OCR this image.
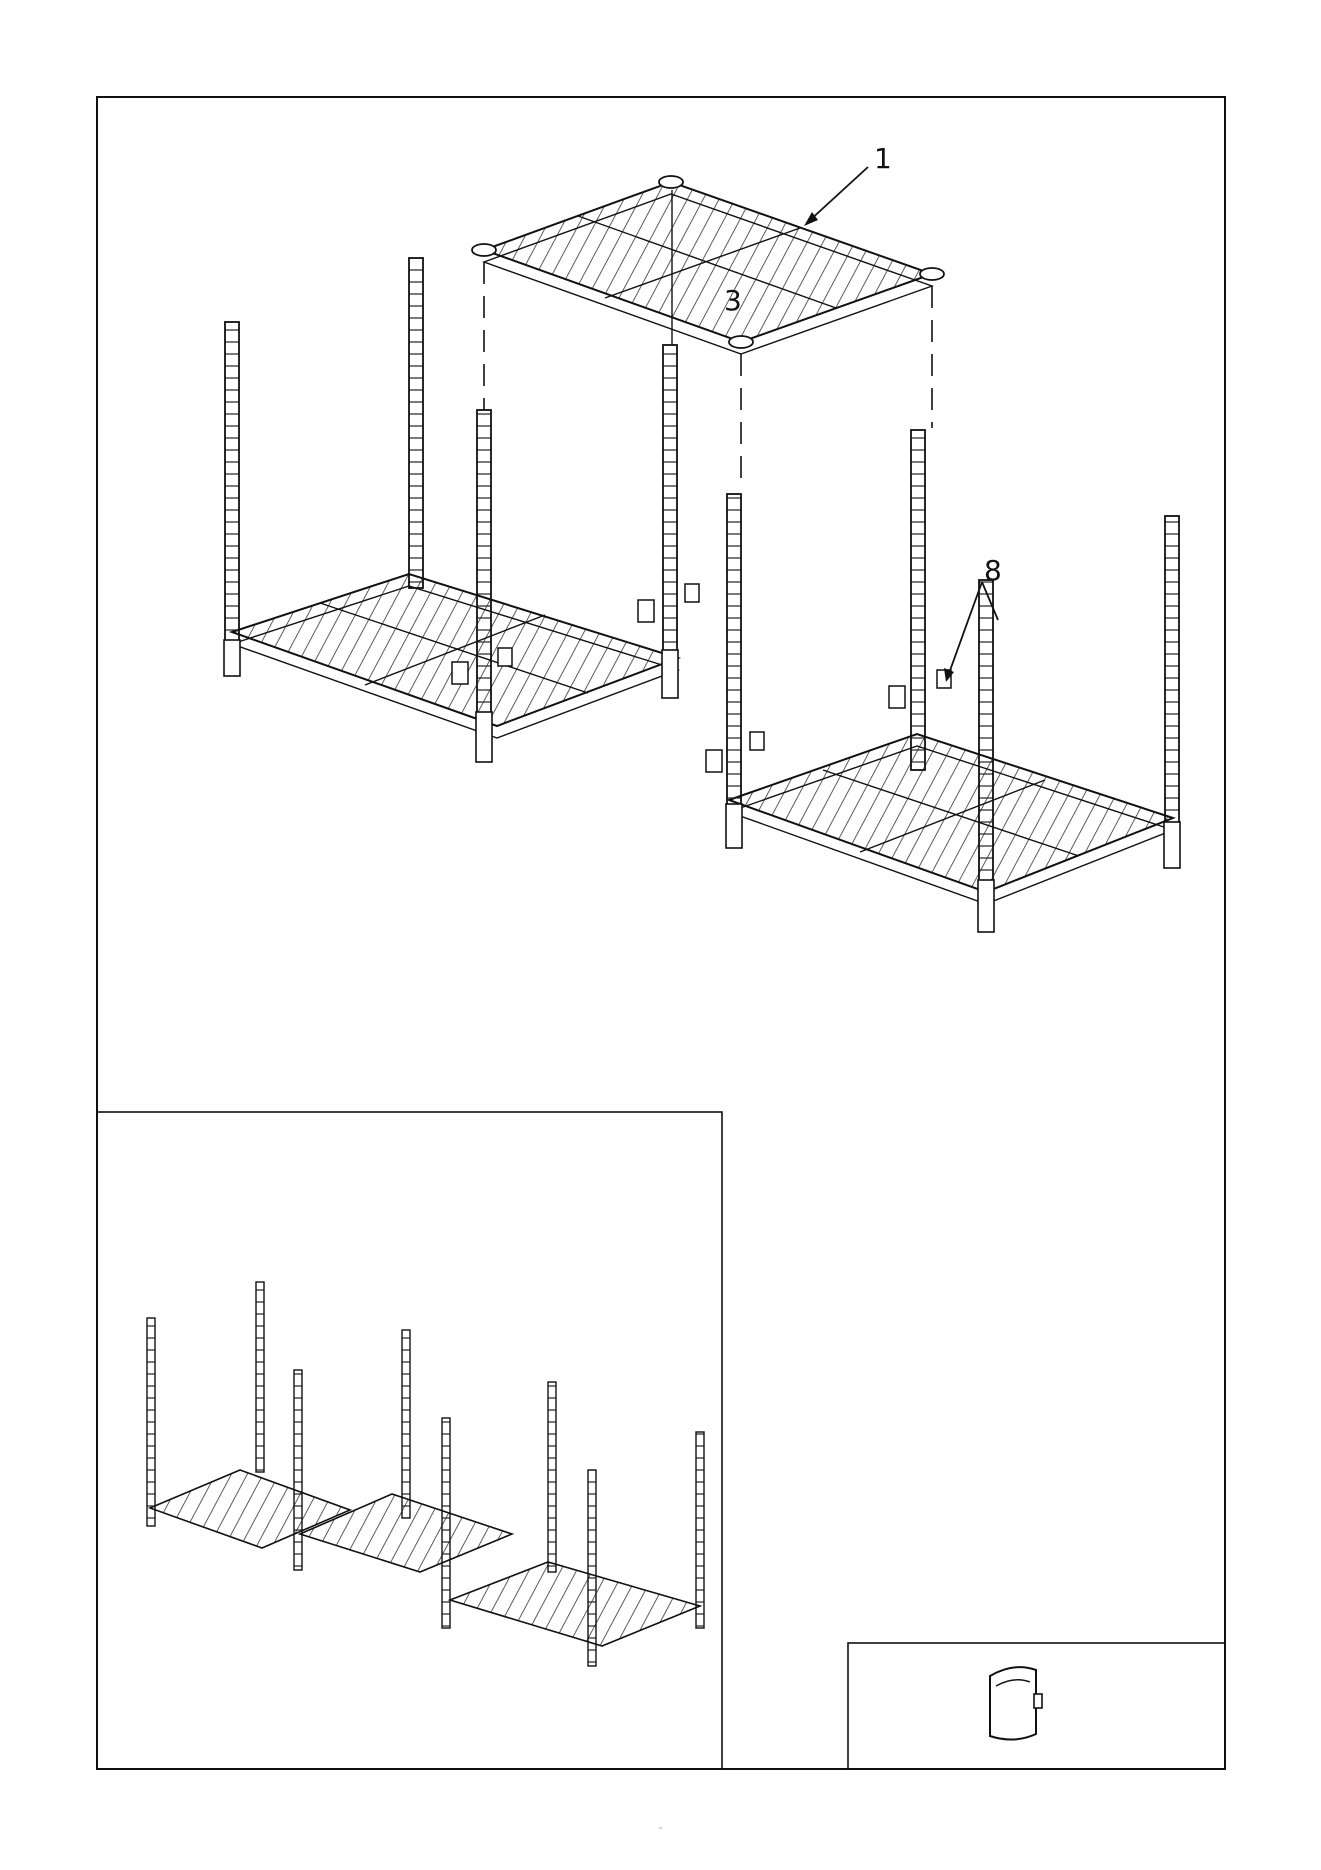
1
3
8
-
